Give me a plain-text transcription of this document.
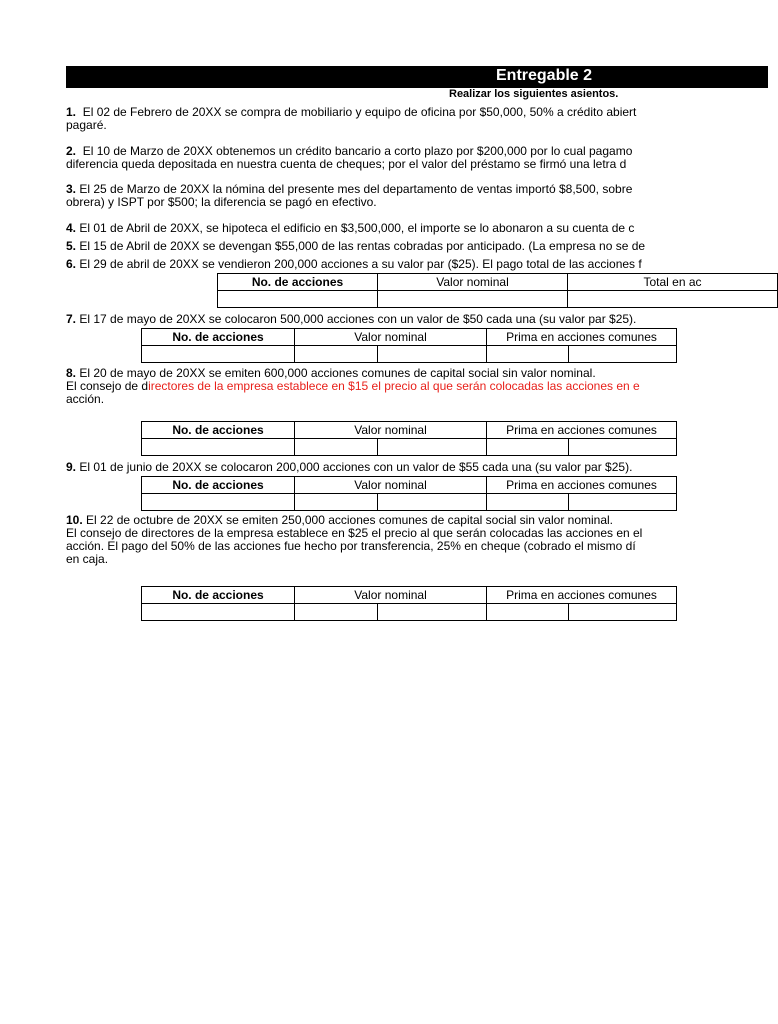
Entregable 2
Realizar los siguientes asientos.
1. El 02 de Febrero de 20XX se compra de mobiliario y equipo de oficina por $50,000, 50% a crédito abiert
pagaré.
2. El 10 de Marzo de 20XX obtenemos un crédito bancario a corto plazo por $200,000 por lo cual pagamo
diferencia queda depositada en nuestra cuenta de cheques; por el valor del préstamo se firmó una letra d
3. El 25 de Marzo de 20XX la nómina del presente mes del departamento de ventas importó $8,500, sobre
obrera) y ISPT por $500; la diferencia se pagó en efectivo.
4. El 01 de Abril de 20XX, se hipoteca el edificio en $3,500,000, el importe se lo abonaron a su cuenta de c
5. El 15 de Abril de 20XX se devengan $55,000 de las rentas cobradas por anticipado. (La empresa no se de
6. El 29 de abril de 20XX se vendieron 200,000 acciones a su valor par ($25). El pago total de las acciones f
No. de acciones	Valor nominal	Total en ac

7. El 17 de mayo de 20XX se colocaron 500,000 acciones con un valor de $50 cada una (su valor par $25).
No. de acciones	Valor nominal		Prima en acciones comunes	

8. El 20 de mayo de 20XX se emiten 600,000 acciones comunes de capital social sin valor nominal.
El consejo de directores de la empresa establece en $15 el precio al que serán colocadas las acciones en e
acción.
No. de acciones	Valor nominal		Prima en acciones comunes	

9. El 01 de junio de 20XX se colocaron 200,000 acciones con un valor de $55 cada una (su valor par $25).
No. de acciones	Valor nominal		Prima en acciones comunes	

10. El 22 de octubre de 20XX se emiten 250,000 acciones comunes de capital social sin valor nominal.
El consejo de directores de la empresa establece en $25 el precio al que serán colocadas las acciones en el
acción. El pago del 50% de las acciones fue hecho por transferencia, 25% en cheque (cobrado el mismo dí
en caja.
No. de acciones	Valor nominal		Prima en acciones comunes	
